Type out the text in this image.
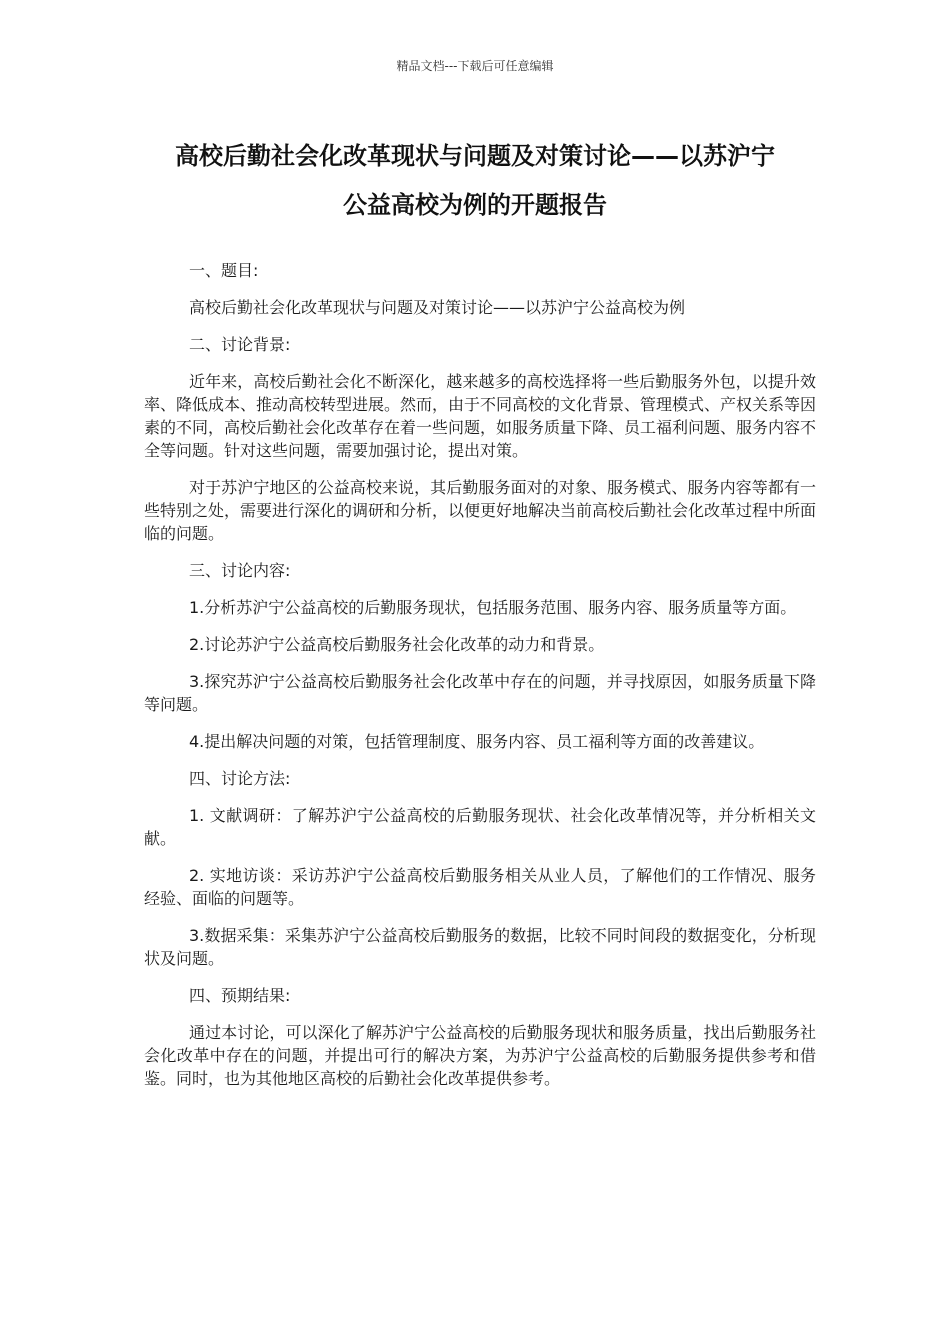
精品文档---下载后可任意编辑
高校后勤社会化改革现状与问题及对策讨论——以苏沪宁
公益高校为例的开题报告

一、题目:

高校后勤社会化改革现状与问题及对策讨论——以苏沪宁公益高校为例

二、讨论背景:

近年来，高校后勤社会化不断深化，越来越多的高校选择将一些后勤服务外包，以提升效率、降低成本、推动高校转型进展。然而，由于不同高校的文化背景、管理模式、产权关系等因素的不同，高校后勤社会化改革存在着一些问题，如服务质量下降、员工福利问题、服务内容不全等问题。针对这些问题，需要加强讨论，提出对策。

对于苏沪宁地区的公益高校来说，其后勤服务面对的对象、服务模式、服务内容等都有一些特别之处，需要进行深化的调研和分析，以便更好地解决当前高校后勤社会化改革过程中所面临的问题。

三、讨论内容:

1.分析苏沪宁公益高校的后勤服务现状，包括服务范围、服务内容、服务质量等方面。

2.讨论苏沪宁公益高校后勤服务社会化改革的动力和背景。

3.探究苏沪宁公益高校后勤服务社会化改革中存在的问题，并寻找原因，如服务质量下降等问题。

4.提出解决问题的对策，包括管理制度、服务内容、员工福利等方面的改善建议。

四、讨论方法:

1. 文献调研：了解苏沪宁公益高校的后勤服务现状、社会化改革情况等，并分析相关文献。

2. 实地访谈：采访苏沪宁公益高校后勤服务相关从业人员，了解他们的工作情况、服务经验、面临的问题等。

3.数据采集：采集苏沪宁公益高校后勤服务的数据，比较不同时间段的数据变化，分析现状及问题。

四、预期结果:

通过本讨论，可以深化了解苏沪宁公益高校的后勤服务现状和服务质量，找出后勤服务社会化改革中存在的问题，并提出可行的解决方案，为苏沪宁公益高校的后勤服务提供参考和借鉴。同时，也为其他地区高校的后勤社会化改革提供参考。
